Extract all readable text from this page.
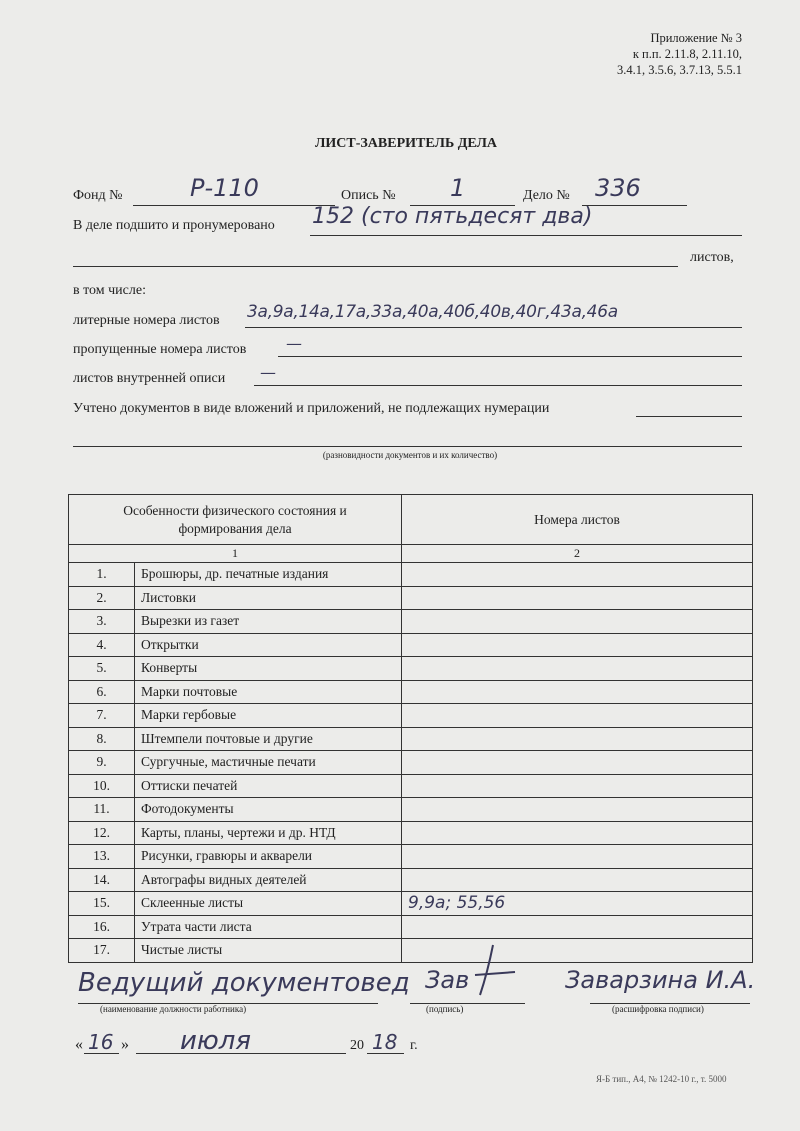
Приложение № 3
к п.п. 2.11.8, 2.11.10,
3.4.1, 3.5.6, 3.7.13, 5.5.1
ЛИСТ-ЗАВЕРИТЕЛЬ ДЕЛА
Фонд №	Р-110	Опись № 1	Дело № 336
В деле подшито и пронумеровано 152 (сто пятьдесят два)
листов,
в том числе:
литерные номера листов 3а,9а,14а,17а,33а,40а,40б,40в,40г,43а,46а
пропущенные номера листов —
листов внутренней описи —
Учтено документов в виде вложений и приложений, не подлежащих нумерации
(разновидности документов и их количество)
Особенности физического состояния и формирования дела		Номера листов
1		2
1.	Брошюры, др. печатные издания	
2.	Листовки	
3.	Вырезки из газет	
4.	Открытки	
5.	Конверты	
6.	Марки почтовые	
7.	Марки гербовые	
8.	Штемпели почтовые и другие	
9.	Сургучные, мастичные печати	
10.	Оттиски печатей	
11.	Фотодокументы	
12.	Карты, планы, чертежи и др. НТД	
13.	Рисунки, гравюры и акварели	
14.	Автографы видных деятелей	
15.	Склеенные листы	9,9а; 55,56
16.	Утрата части листа	
17.	Чистые листы	
Ведущий документовед
(наименование должности работника)
Зав
(подпись)
Заварзина И.А.
(расшифровка подписи)
« 16 » июля	20 18 г.
Я-Б тип., А4, № 1242-10 г., т. 5000
